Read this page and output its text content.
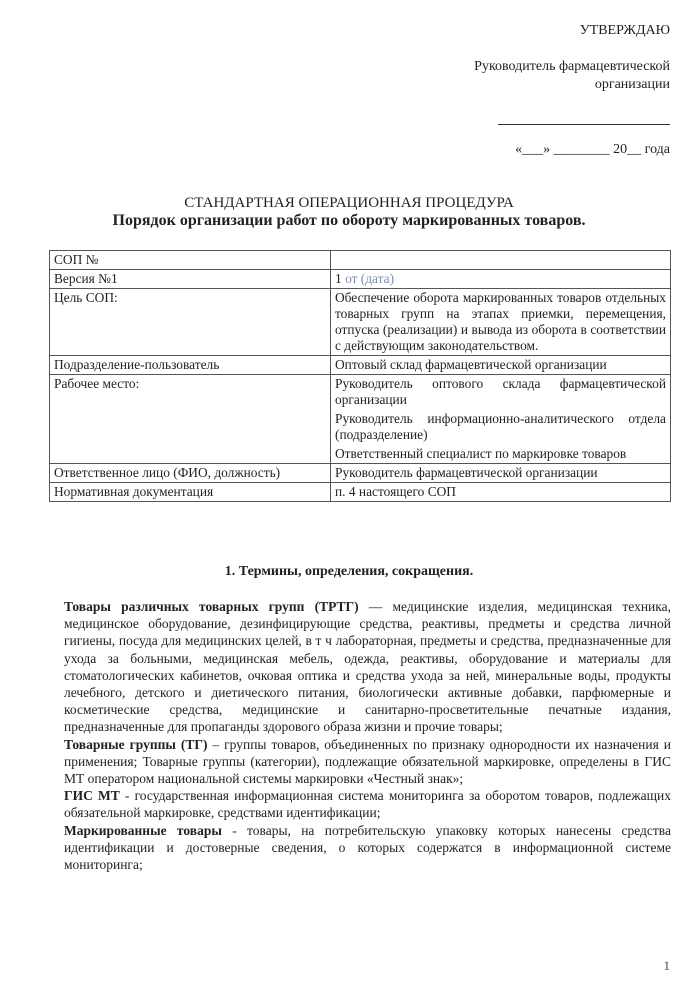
УТВЕРЖДАЮ
Руководитель фармацевтической организации
«___» ________ 20__ года
СТАНДАРТНАЯ ОПЕРАЦИОННАЯ ПРОЦЕДУРА
Порядок организации работ по обороту маркированных товаров.
СОП №	
Версия №1	1 от (дата)
Цель СОП:	Обеспечение оборота маркированных товаров отдельных товарных групп на этапах приемки, перемещения, отпуска (реализации) и вывода из оборота в соответствии с действующим законодательством.
Подразделение-пользователь	Оптовый склад фармацевтической организации
Рабочее место:	Руководитель оптового склада фармацевтической организации
Руководитель информационно-аналитического отдела (подразделение)
Ответственный специалист по маркировке товаров

Ответственное лицо (ФИО, должность)	Руководитель фармацевтической организации
Нормативная документация	п. 4 настоящего СОП
1. Термины, определения, сокращения.

Товары различных товарных групп (ТРТГ) — медицинские изделия, медицинская техника, медицинское оборудование, дезинфицирующие средства, реактивы, предметы и средства личной гигиены, посуда для медицинских целей, в т ч лабораторная, предметы и средства, предназначенные для ухода за больными, медицинская мебель, одежда, реактивы, оборудование и материалы для стоматологических кабинетов, очковая оптика и средства ухода за ней, минеральные воды, продукты лечебного, детского и диетического питания, биологически активные добавки, парфюмерные и косметические средства, медицинские и санитарно-просветительные печатные издания, предназначенные для пропаганды здорового образа жизни и прочие товары;

Товарные группы (ТГ) – группы товаров, объединенных по признаку однородности их назначения и применения; Товарные группы (категории), подлежащие обязательной маркировке, определены в ГИС МТ оператором национальной системы маркировки «Честный знак»;

ГИС МТ - государственная информационная система мониторинга за оборотом товаров, подлежащих обязательной маркировке, средствами идентификации;

Маркированные товары - товары, на потребительскую упаковку которых нанесены средства идентификации и достоверные сведения, о которых содержатся в информационной системе мониторинга;

1
